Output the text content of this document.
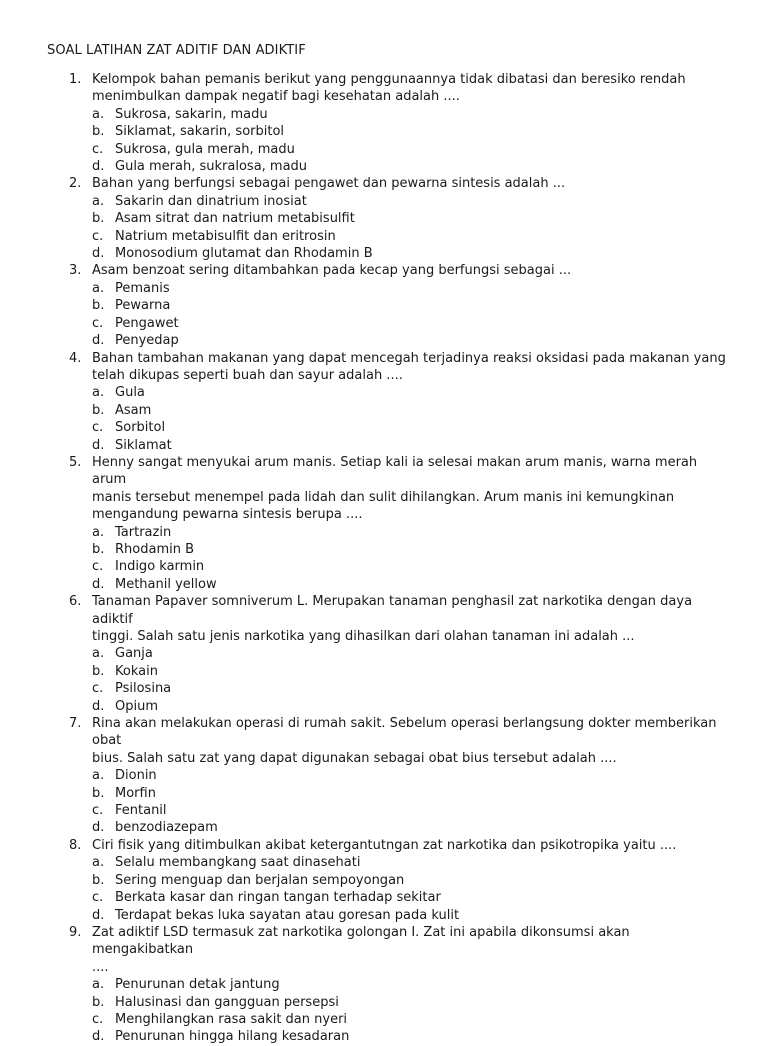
SOAL LATIHAN ZAT ADITIF DAN ADIKTIF
1. Kelompok bahan pemanis berikut yang penggunaannya tidak dibatasi dan beresiko rendah
menimbulkan dampak negatif bagi kesehatan adalah ....
a. Sukrosa, sakarin, madu
b. Siklamat, sakarin, sorbitol
c. Sukrosa, gula merah, madu
d. Gula merah, sukralosa, madu
2. Bahan yang berfungsi sebagai pengawet dan pewarna sintesis adalah ...
a. Sakarin dan dinatrium inosiat
b. Asam sitrat dan natrium metabisulfit
c. Natrium metabisulfit dan eritrosin
d. Monosodium glutamat dan Rhodamin B
3. Asam benzoat sering ditambahkan pada kecap yang berfungsi sebagai ...
a. Pemanis
b. Pewarna
c. Pengawet
d. Penyedap
4. Bahan tambahan makanan yang dapat mencegah terjadinya reaksi oksidasi pada makanan yang
telah dikupas seperti buah dan sayur adalah ....
a. Gula
b. Asam
c. Sorbitol
d. Siklamat
5. Henny sangat menyukai arum manis. Setiap kali ia selesai makan arum manis, warna merah arum
manis tersebut menempel pada lidah dan sulit dihilangkan. Arum manis ini kemungkinan
mengandung pewarna sintesis berupa ....
a. Tartrazin
b. Rhodamin B
c. Indigo karmin
d. Methanil yellow
6. Tanaman Papaver somniverum L. Merupakan tanaman penghasil zat narkotika dengan daya adiktif
tinggi. Salah satu jenis narkotika yang dihasilkan dari olahan tanaman ini adalah ...
a. Ganja
b. Kokain
c. Psilosina
d. Opium
7. Rina akan melakukan operasi di rumah sakit. Sebelum operasi berlangsung dokter memberikan obat
bius. Salah satu zat yang dapat digunakan sebagai obat bius tersebut adalah ....
a. Dionin
b. Morfin
c. Fentanil
d. benzodiazepam
8. Ciri fisik yang ditimbulkan akibat ketergantutngan zat narkotika dan psikotropika yaitu ....
a. Selalu membangkang saat dinasehati
b. Sering menguap dan berjalan sempoyongan
c. Berkata kasar dan ringan tangan terhadap sekitar
d. Terdapat bekas luka sayatan atau goresan pada kulit
9. Zat adiktif LSD termasuk zat narkotika golongan I. Zat ini apabila dikonsumsi akan mengakibatkan
....
a. Penurunan detak jantung
b. Halusinasi dan gangguan persepsi
c. Menghilangkan rasa sakit dan nyeri
d. Penurunan hingga hilang kesadaran
